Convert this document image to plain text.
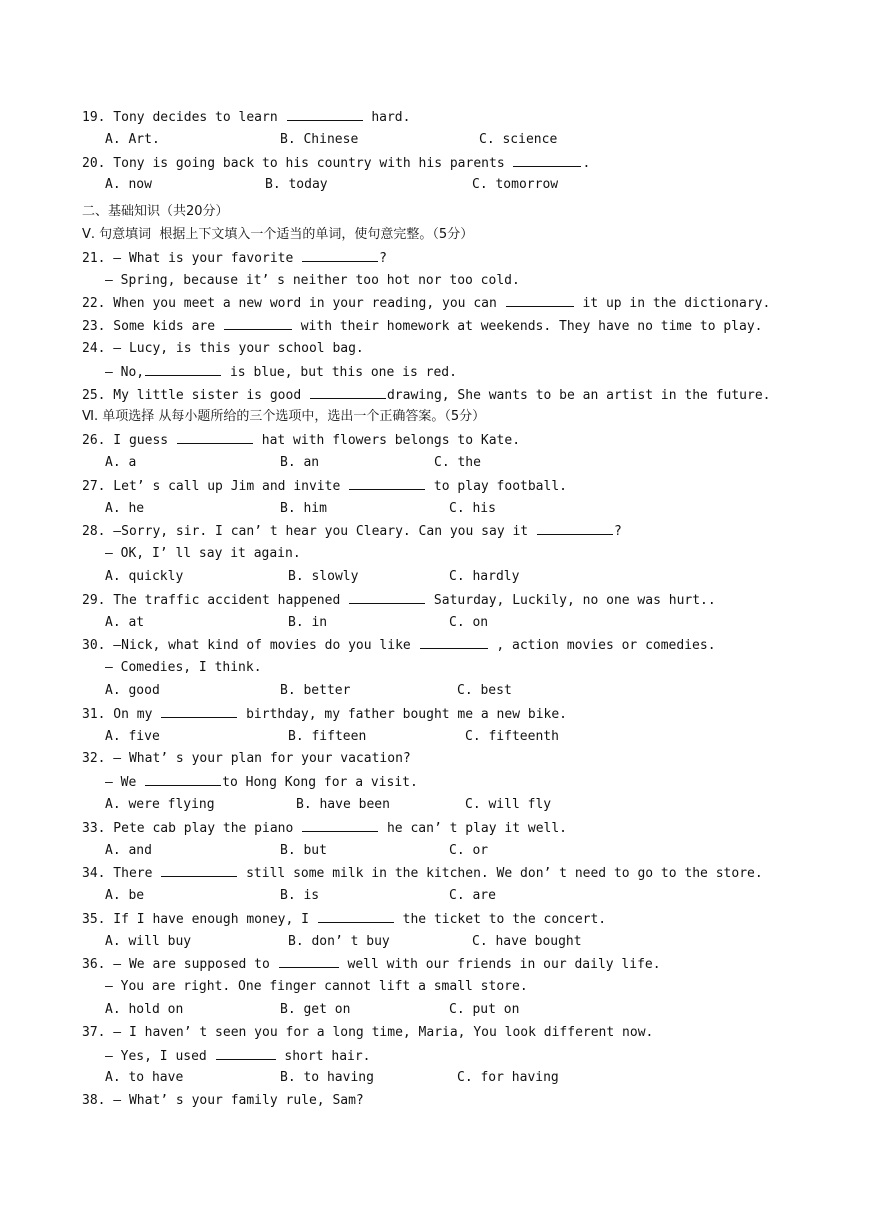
19. Tony decides to learn	hard.
A. Art.	B. Chinese	C. science
20. Tony is going back to his country with his parents	.
A. now	B. today	C. tomorrow
二、基础知识（共20分）
Ⅴ. 句意填词  根据上下文填入一个适当的单词，使句意完整。（5分）
21. — What is your favorite	?
— Spring, because it’ s neither too hot nor too cold.
22. When you meet a new word in your reading, you can	it up in the dictionary.
23. Some kids are	with their homework at weekends. They have no time to play.
24. — Lucy, is this your school bag.
— No,	is blue, but this one is red.
25. My little sister is good	drawing, She wants to be an artist in the future.
Ⅵ. 单项选择 从每小题所给的三个选项中，选出一个正确答案。（5分）
26. I guess	hat with flowers belongs to Kate.
A. a	B. an	C. the
27. Let’ s call up Jim and invite	to play football.
A. he	B. him	C. his
28. —Sorry, sir. I can’ t hear you Cleary. Can you say it	?
— OK, I’ ll say it again.
A. quickly	B. slowly	C. hardly
29. The traffic accident happened	Saturday, Luckily, no one was hurt..
A. at	B. in	C. on
30. —Nick, what kind of movies do you like	, action movies or comedies.
— Comedies, I think.
A. good	B. better	C. best
31. On my	birthday, my father bought me a new bike.
A. five	B. fifteen	C. fifteenth
32. — What’ s your plan for your vacation?
— We	to Hong Kong for a visit.
A. were flying	B. have been	C. will fly
33. Pete cab play the piano	he can’ t play it well.
A. and	B. but	C. or
34. There	still some milk in the kitchen. We don’ t need to go to the store.
A. be	B. is	C. are
35. If I have enough money, I	the ticket to the concert.
A. will buy	B. don’ t buy	C. have bought
36. — We are supposed to	well with our friends in our daily life.
— You are right. One finger cannot lift a small store.
A. hold on	B. get on	C. put on
37. — I haven’ t seen you for a long time, Maria, You look different now.
— Yes, I used	short hair.
A. to have	B. to having	C. for having
38. — What’ s your family rule, Sam?
